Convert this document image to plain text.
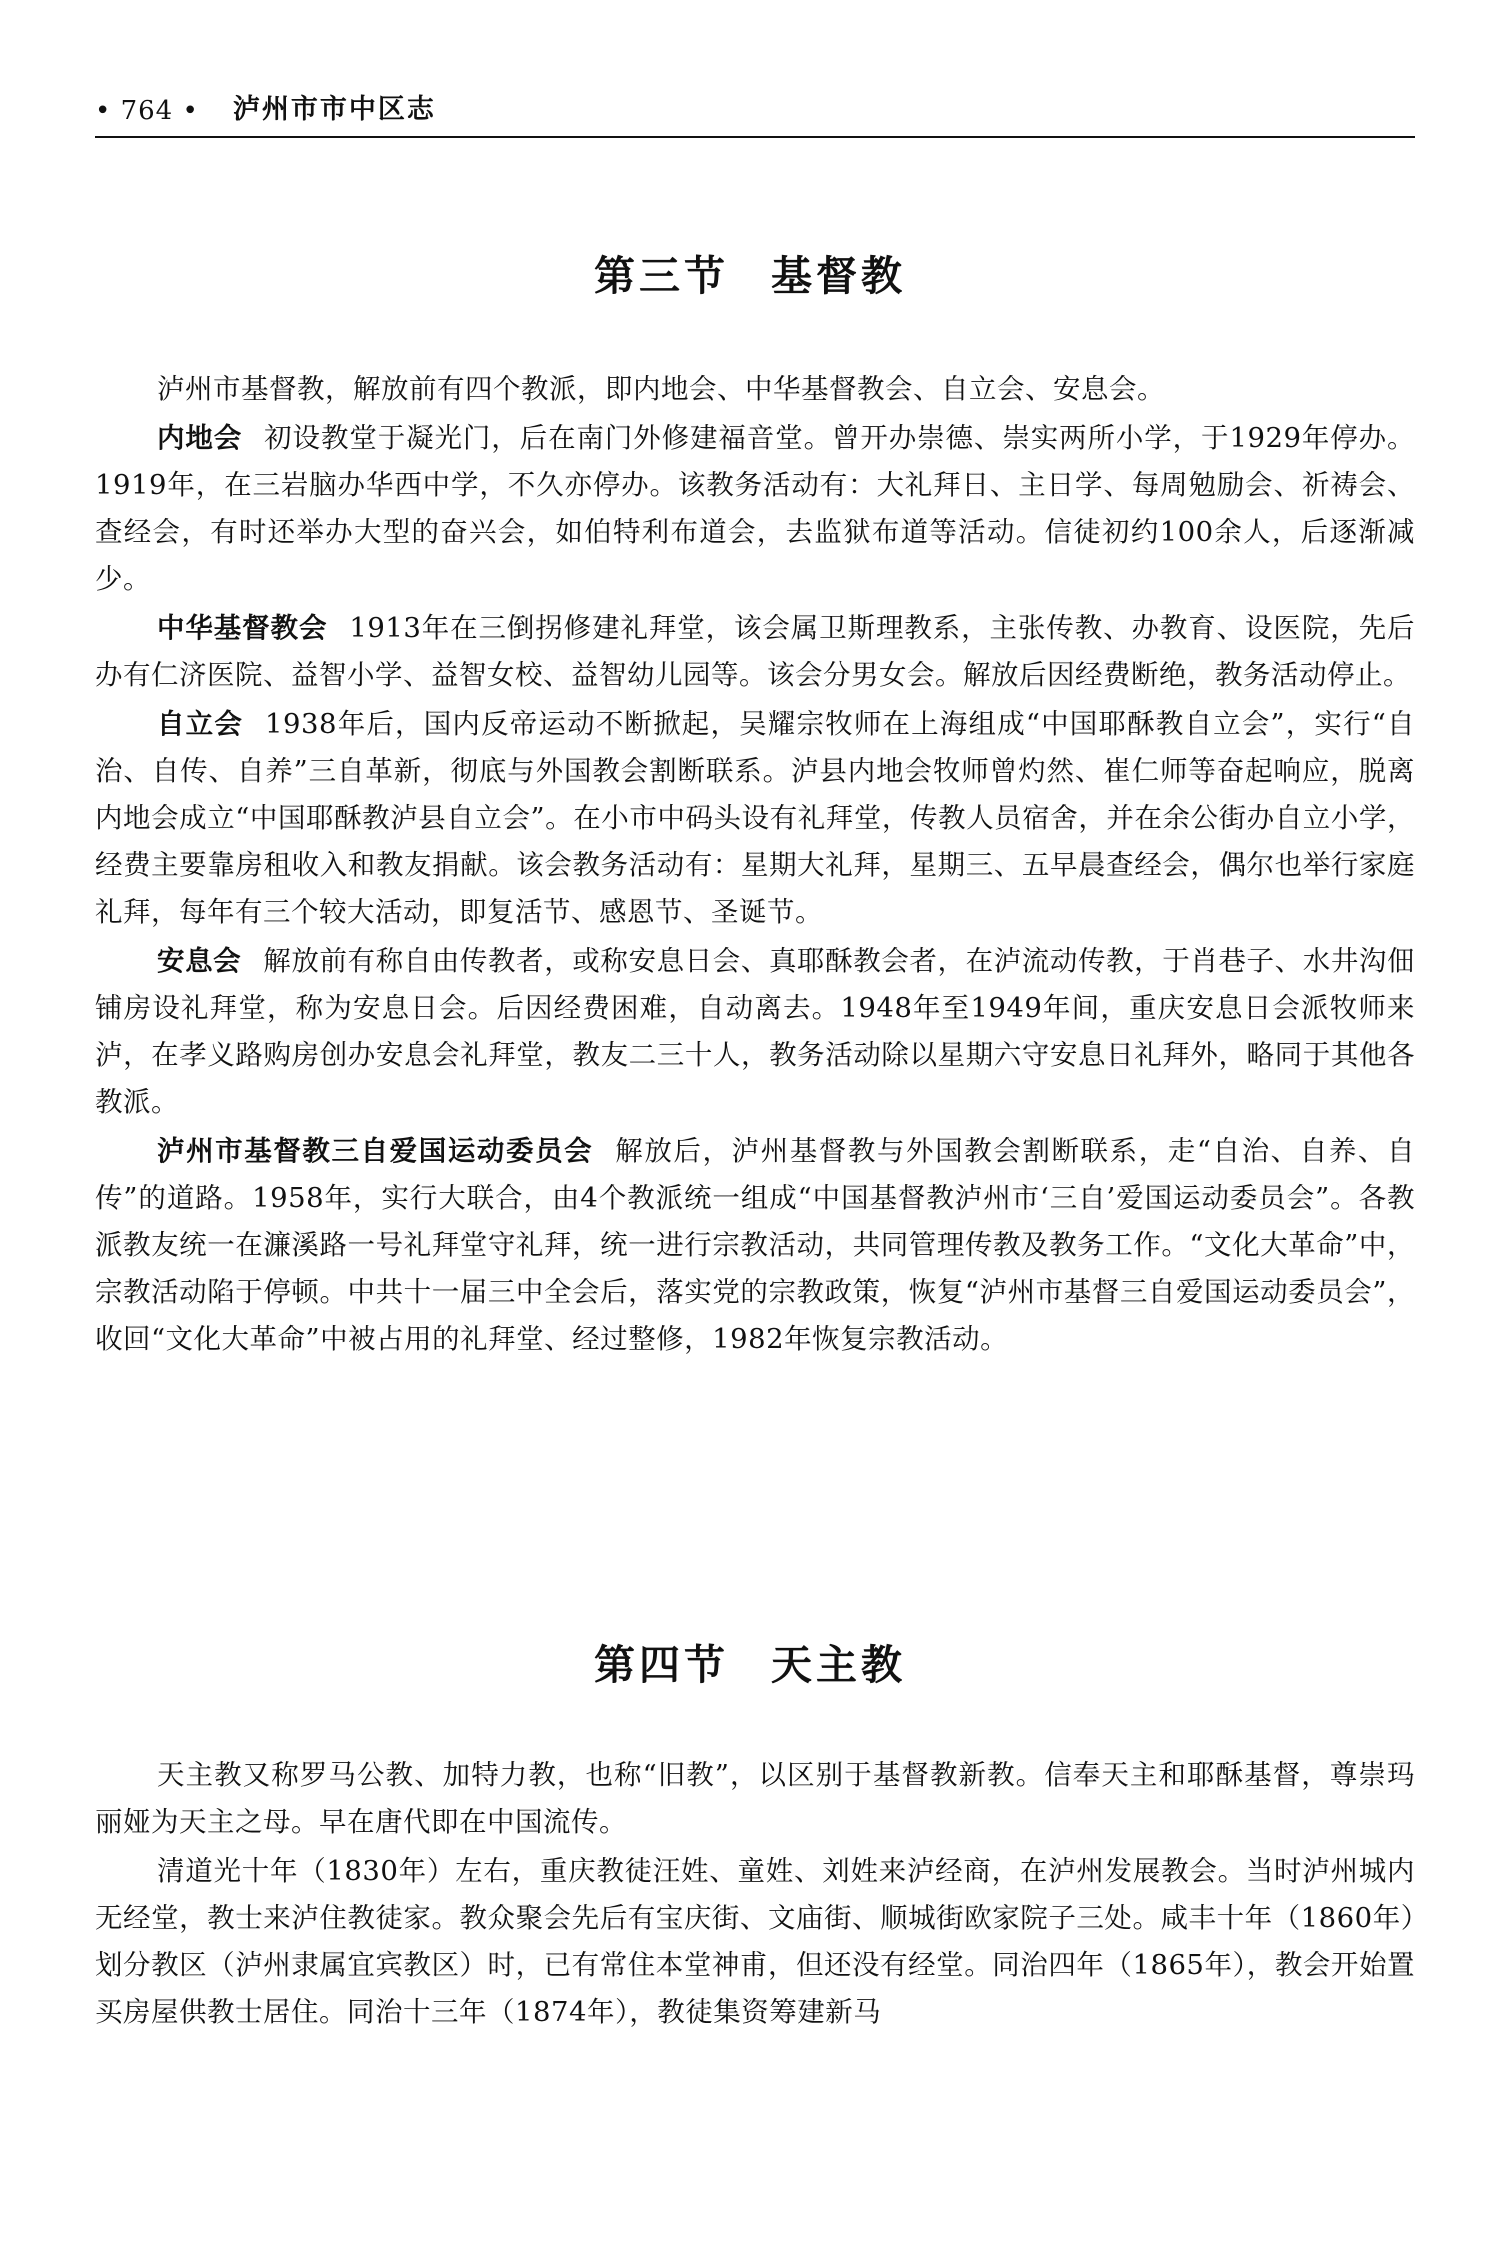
• 764 • 泸州市市中区志
第三节 基督教

泸州市基督教，解放前有四个教派，即内地会、中华基督教会、自立会、安息会。

内地会 初设教堂于凝光门，后在南门外修建福音堂。曾开办崇德、崇实两所小学，于1929年停办。1919年，在三岩脑办华西中学，不久亦停办。该教务活动有：大礼拜日、主日学、每周勉励会、祈祷会、查经会，有时还举办大型的奋兴会，如伯特利布道会，去监狱布道等活动。信徒初约100余人，后逐渐减少。

中华基督教会 1913年在三倒拐修建礼拜堂，该会属卫斯理教系，主张传教、办教育、设医院，先后办有仁济医院、益智小学、益智女校、益智幼儿园等。该会分男女会。解放后因经费断绝，教务活动停止。

自立会 1938年后，国内反帝运动不断掀起，吴耀宗牧师在上海组成“中国耶酥教自立会”，实行“自治、自传、自养”三自革新，彻底与外国教会割断联系。泸县内地会牧师曾灼然、崔仁师等奋起响应，脱离内地会成立“中国耶酥教泸县自立会”。在小市中码头设有礼拜堂，传教人员宿舍，并在余公街办自立小学，经费主要靠房租收入和教友捐献。该会教务活动有：星期大礼拜，星期三、五早晨查经会，偶尔也举行家庭礼拜，每年有三个较大活动，即复活节、感恩节、圣诞节。

安息会 解放前有称自由传教者，或称安息日会、真耶酥教会者，在泸流动传教，于肖巷子、水井沟佃铺房设礼拜堂，称为安息日会。后因经费困难，自动离去。1948年至1949年间，重庆安息日会派牧师来泸，在孝义路购房创办安息会礼拜堂，教友二三十人，教务活动除以星期六守安息日礼拜外，略同于其他各教派。

泸州市基督教三自爱国运动委员会 解放后，泸州基督教与外国教会割断联系，走“自治、自养、自传”的道路。1958年，实行大联合，由4个教派统一组成“中国基督教泸州市‘三自’爱国运动委员会”。各教派教友统一在濂溪路一号礼拜堂守礼拜，统一进行宗教活动，共同管理传教及教务工作。“文化大革命”中，宗教活动陷于停顿。中共十一届三中全会后，落实党的宗教政策，恢复“泸州市基督三自爱国运动委员会”，收回“文化大革命”中被占用的礼拜堂、经过整修，1982年恢复宗教活动。

第四节 天主教

天主教又称罗马公教、加特力教，也称“旧教”，以区别于基督教新教。信奉天主和耶酥基督，尊崇玛丽娅为天主之母。早在唐代即在中国流传。

清道光十年（1830年）左右，重庆教徒汪姓、童姓、刘姓来泸经商，在泸州发展教会。当时泸州城内无经堂，教士来泸住教徒家。教众聚会先后有宝庆街、文庙街、顺城街欧家院子三处。咸丰十年（1860年）划分教区（泸州隶属宜宾教区）时，已有常住本堂神甫，但还没有经堂。同治四年（1865年），教会开始置买房屋供教士居住。同治十三年（1874年），教徒集资筹建新马
